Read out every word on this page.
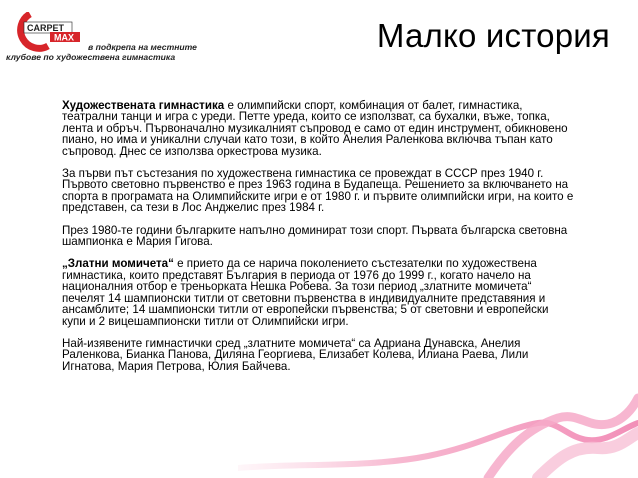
CARPET
MAX
в подкрепа на местните
клубове по художествена гимнастика
Малко история

Художествената гимнастика е олимпийски спорт, комбинация от балет, гимнастика, театрални танци и игра с уреди. Петте уреда, които се използват, са бухалки, въже, топка, лента и обръч. Първоначално музикалният съпровод е само от един инструмент, обикновено пиано, но има и уникални случаи като този, в който Анелия Раленкова включва тъпан като съпровод. Днес се използва оркестрова музика.

За първи път състезания по художествена гимнастика се провеждат в СССР през 1940 г. Първото световно първенство е през 1963 година в Будапеща. Решението за включването на спорта в програмата на Олимпийските игри е от 1980 г. и първите олимпийски игри, на които е представен, са тези в Лос Анджелис през 1984 г.

През 1980-те години българките напълно доминират този спорт. Първата българска световна шампионка е Мария Гигова.

„Златни момичета“ е прието да се нарича поколението състезателки по художествена гимнастика, които представят България в периода от 1976 до 1999 г., когато начело на националния отбор е треньорката Нешка Робева. За този период „златните момичета“ печелят 14 шампионски титли от световни първенства в индивидуалните представяния и ансамблите; 14 шампионски титли от европейски първенства; 5 от световни и европейски купи и 2 вицешампионски титли от Олимпийски игри.

Най-изявените гимнастички сред „златните момичета“ са Адриана Дунавска, Анелия Раленкова, Бианка Панова, Диляна Георгиева, Елизабет Колева, Илиана Раева, Лили Игнатова, Мария Петрова, Юлия Байчева.
